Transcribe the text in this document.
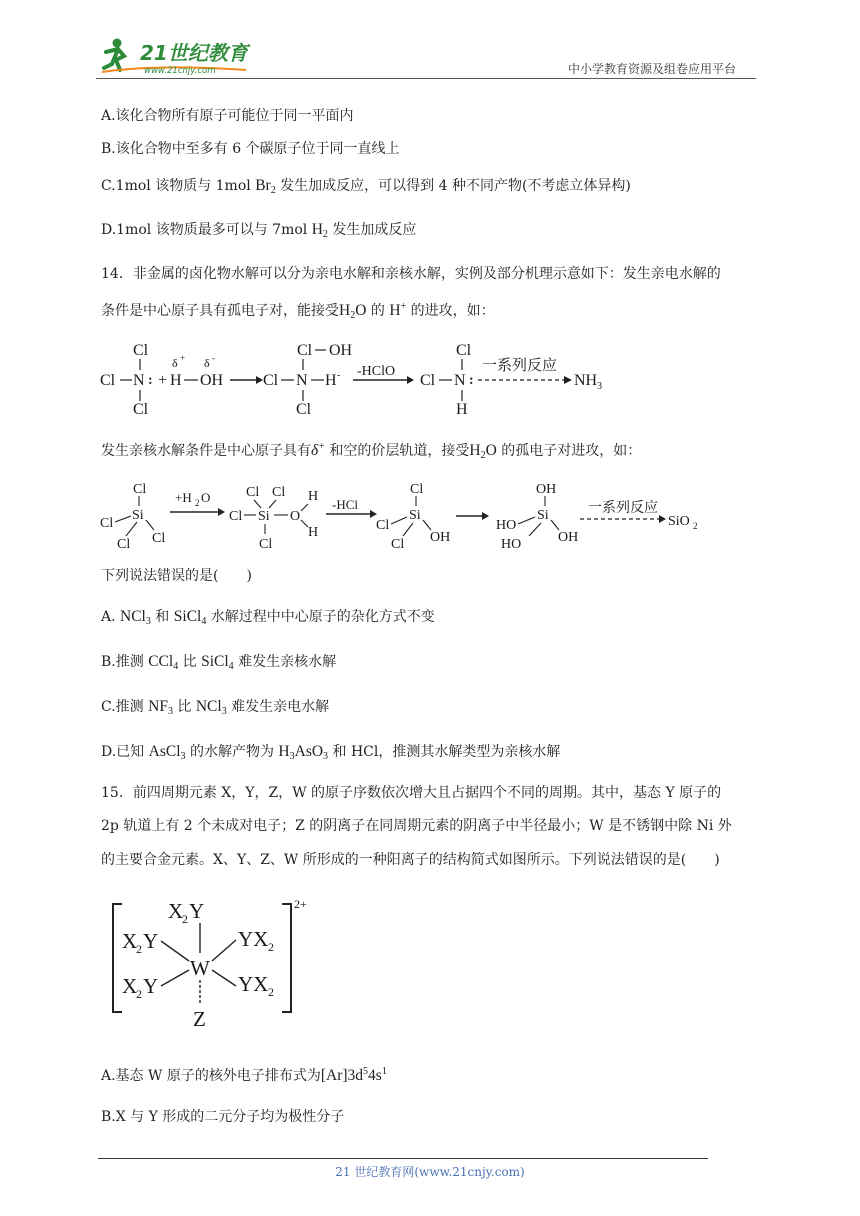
21世纪教育
www.21cnjy.com	中小学教育资源及组卷应用平台
A.该化合物所有原子可能位于同一平面内
B.该化合物中至多有 6 个碳原子位于同一直线上
C.1mol 该物质与 1mol $Br_2$ 发生加成反应，可以得到 4 种不同产物(不考虑立体异构)
D.1mol 该物质最多可以与 7mol $H_2$ 发生加成反应
14．非金属的卤化物水解可以分为亲电水解和亲核水解，实例及部分机理示意如下：发生亲电水解的
条件是中心原子具有孤电子对，能接受$H_2O$ 的 H+ 的进攻，如：
Cl
Cl N :
Cl
+
δ + δ -
H OH
Cl OH
Cl N H -
Cl
-HClO
Cl
Cl N :
H
一系列反应
NH 3
发生亲核水解条件是中心原子具有δ+ 和空的价层轨道，接受$H_2O$ 的孤电子对进攻，如：
Cl
Si
Cl
Cl Cl
+H 2 O	Cl Cl
Cl Si O
H
H
Cl
-HCl
Cl
Si
Cl
Cl OH
OH
Si
HO
HO	OH
一系列反应
SiO 2
下列说法错误的是(　　)
A. NCl$_3$ 和 SiCl$_4$ 水解过程中中心原子的杂化方式不变
B.推测 CCl$_4$ 比 SiCl$_4$ 难发生亲核水解
C.推测 $NF_3$ 比 NCl$_3$ 难发生亲电水解
D.已知 AsCl$_3$ 的水解产物为 $H_3AsO_3$ 和 HCl，推测其水解类型为亲核水解
15．前四周期元素 X，Y，Z，W 的原子序数依次增大且占据四个不同的周期。其中，基态 Y 原子的
2p 轨道上有 2 个未成对电子；Z 的阴离子在同周期元素的阴离子中半径最小；W 是不锈钢中除 Ni 外
的主要合金元素。X、Y、Z、W 所形成的一种阳离子的结构简式如图所示。下列说法错误的是(　　)
2+
X
2 Y
X
2 Y	YX 2
W
X
2 Y	YX 2
Z
A.基态 W 原子的核外电子排布式为$[Ar]3d^54s^1$
B.X 与 Y 形成的二元分子均为极性分子
21 世纪教育网(www.21cnjy.com)
